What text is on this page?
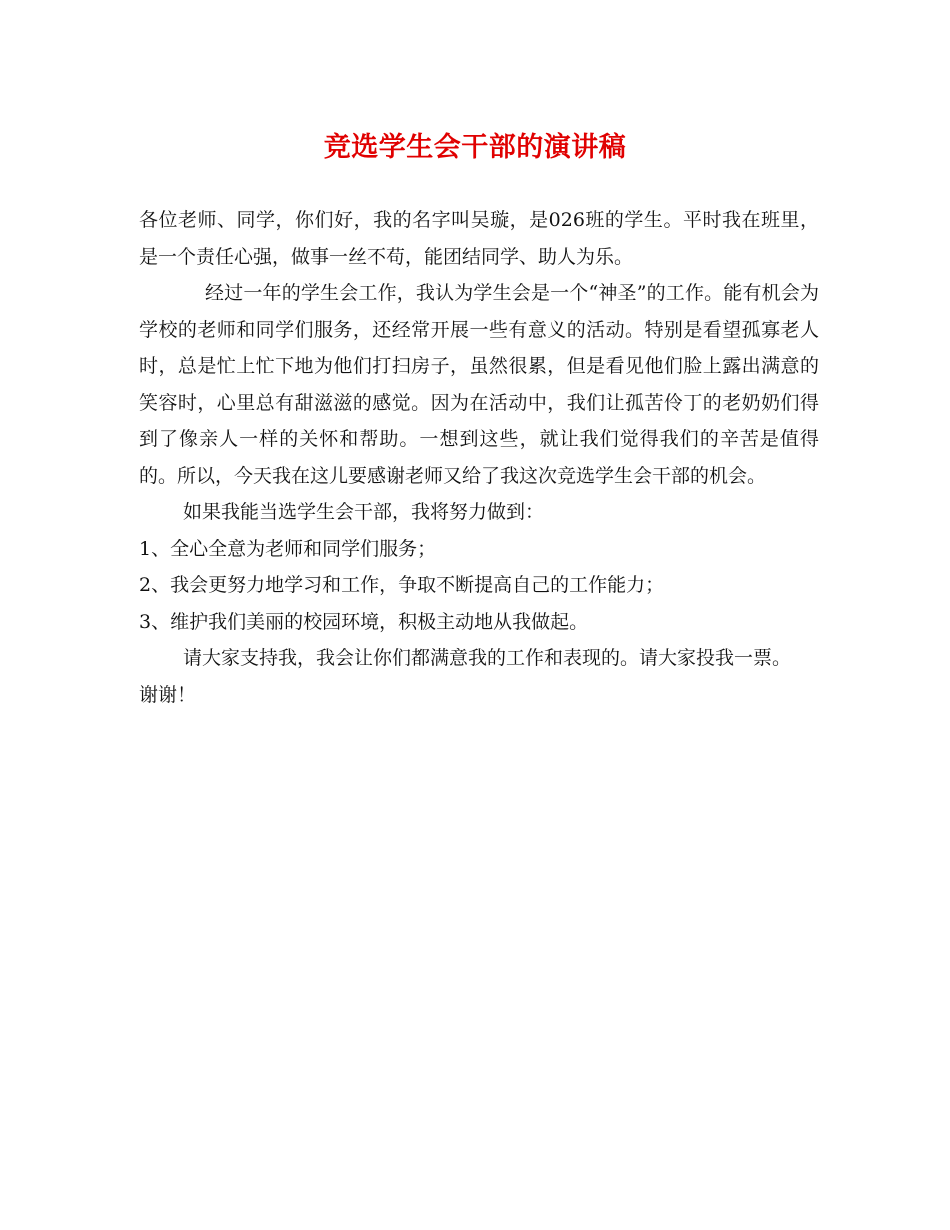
竞选学生会干部的演讲稿

各位老师、同学，你们好，我的名字叫吴璇，是026班的学生。平时我在班里，是一个责任心强，做事一丝不苟，能团结同学、助人为乐。

经过一年的学生会工作，我认为学生会是一个“神圣”的工作。能有机会为学校的老师和同学们服务，还经常开展一些有意义的活动。特别是看望孤寡老人时，总是忙上忙下地为他们打扫房子，虽然很累，但是看见他们脸上露出满意的笑容时，心里总有甜滋滋的感觉。因为在活动中，我们让孤苦伶丁的老奶奶们得到了像亲人一样的关怀和帮助。一想到这些，就让我们觉得我们的辛苦是值得的。所以，今天我在这儿要感谢老师又给了我这次竞选学生会干部的机会。

如果我能当选学生会干部，我将努力做到：

1、全心全意为老师和同学们服务；

2、我会更努力地学习和工作，争取不断提高自己的工作能力；

3、维护我们美丽的校园环境，积极主动地从我做起。

请大家支持我，我会让你们都满意我的工作和表现的。请大家投我一票。

谢谢！
